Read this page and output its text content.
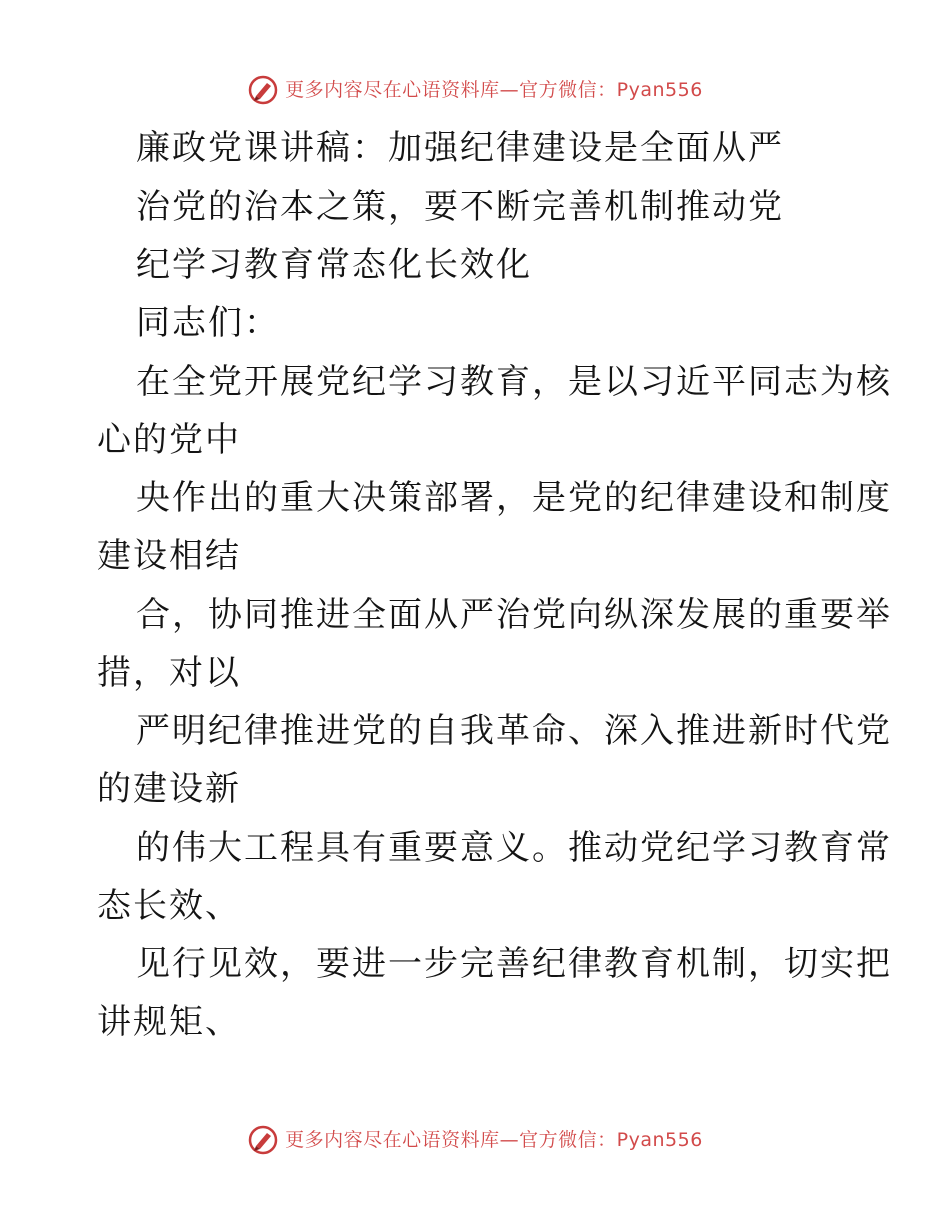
更多内容尽在心语资料库—官方微信：Pyan556
廉政党课讲稿：加强纪律建设是全面从严
治党的治本之策，要不断完善机制推动党
纪学习教育常态化长效化
同志们：
在全党开展党纪学习教育，是以习近平同志为核
心的党中
央作出的重大决策部署，是党的纪律建设和制度
建设相结
合，协同推进全面从严治党向纵深发展的重要举
措，对以
严明纪律推进党的自我革命、深入推进新时代党
的建设新
的伟大工程具有重要意义。推动党纪学习教育常
态长效、
见行见效，要进一步完善纪律教育机制，切实把
讲规矩、
更多内容尽在心语资料库—官方微信：Pyan556
